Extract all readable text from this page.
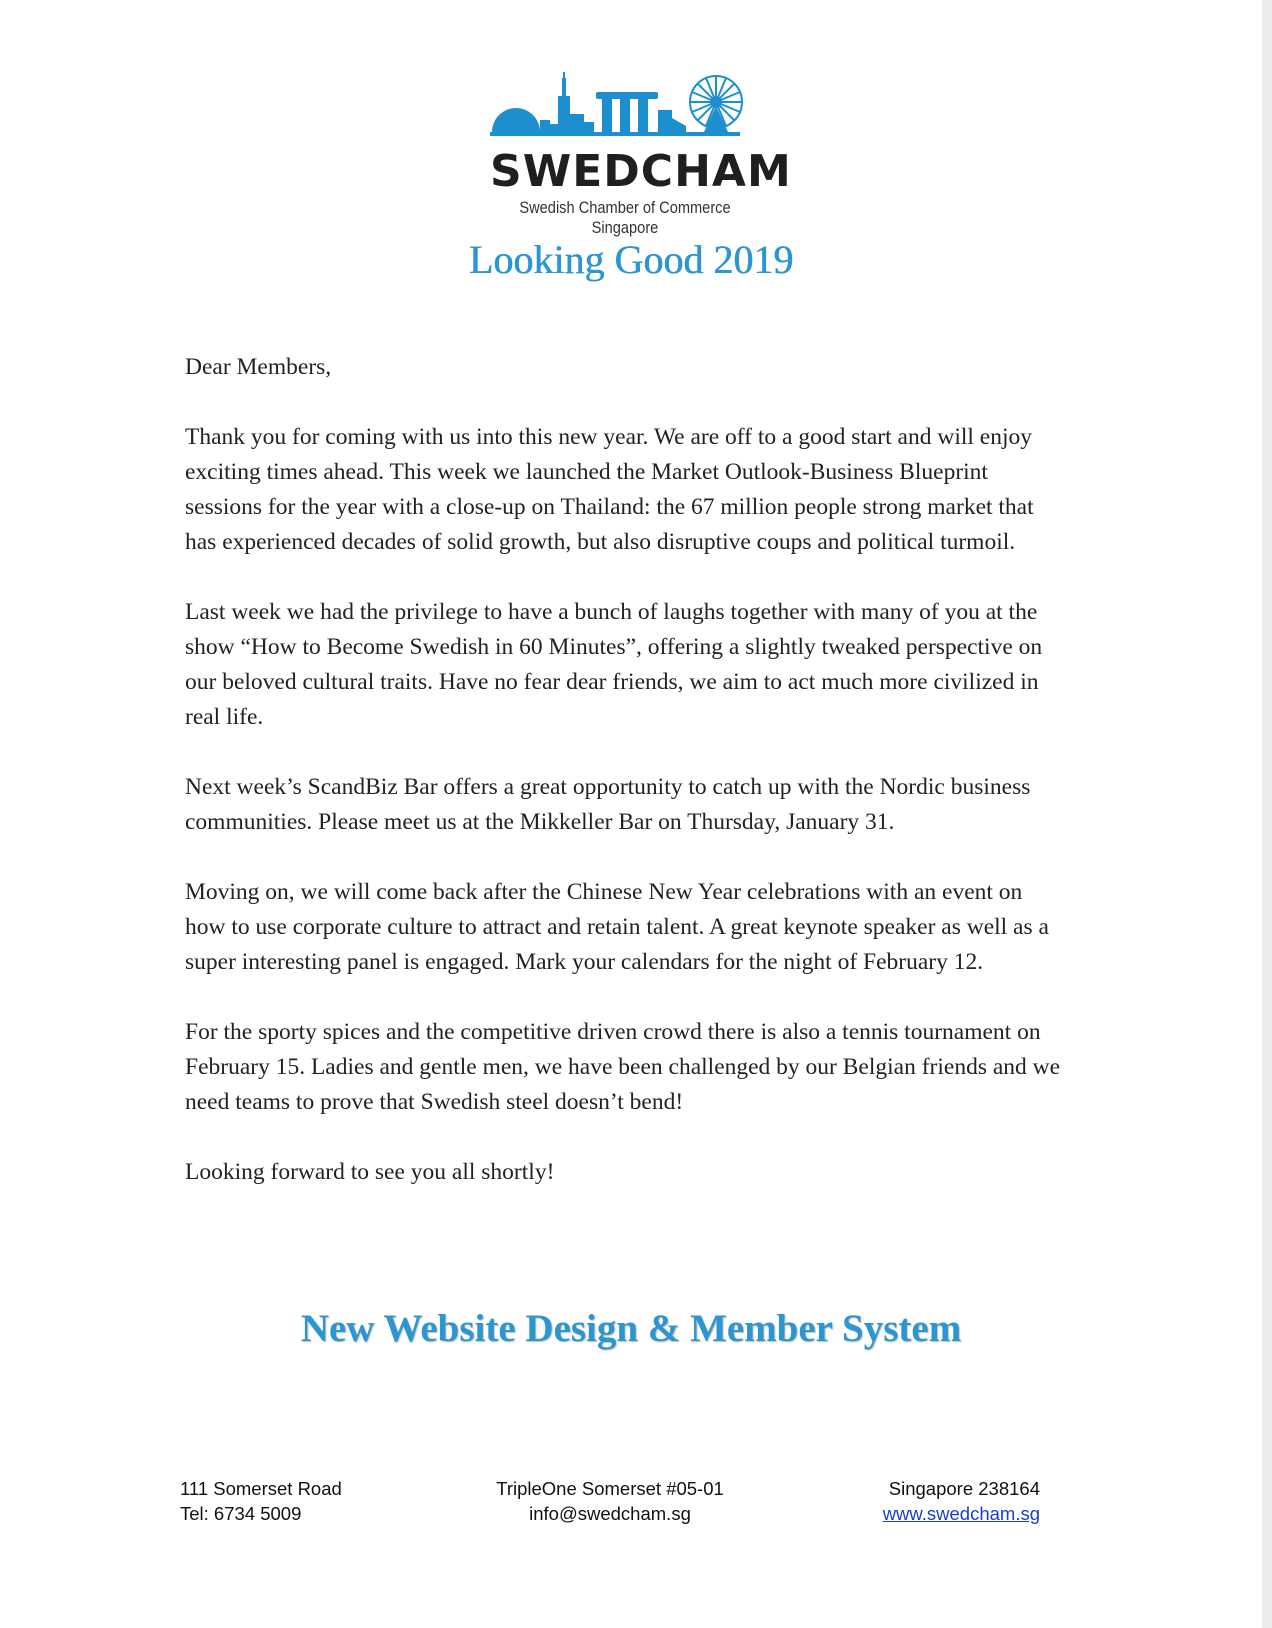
SWEDCHAM
Swedish Chamber of Commerce Singapore
Looking Good 2019

Dear Members,

Thank you for coming with us into this new year. We are off to a good start and will enjoy exciting times ahead. This week we launched the Market Outlook-Business Blueprint sessions for the year with a close-up on Thailand: the 67 million people strong market that has experienced decades of solid growth, but also disruptive coups and political turmoil.

Last week we had the privilege to have a bunch of laughs together with many of you at the show “How to Become Swedish in 60 Minutes”, offering a slightly tweaked perspective on our beloved cultural traits. Have no fear dear friends, we aim to act much more civilized in real life.

Next week’s ScandBiz Bar offers a great opportunity to catch up with the Nordic business communities. Please meet us at the Mikkeller Bar on Thursday, January 31.

Moving on, we will come back after the Chinese New Year celebrations with an event on how to use corporate culture to attract and retain talent. A great keynote speaker as well as a super interesting panel is engaged. Mark your calendars for the night of February 12.

For the sporty spices and the competitive driven crowd there is also a tennis tournament on February 15. Ladies and gentle men, we have been challenged by our Belgian friends and we need teams to prove that Swedish steel doesn’t bend!

Looking forward to see you all shortly!

New Website Design & Member System
111 Somerset Road
Tel: 6734 5009
TripleOne Somerset #05-01
info@swedcham.sg
Singapore 238164
www.swedcham.sg
